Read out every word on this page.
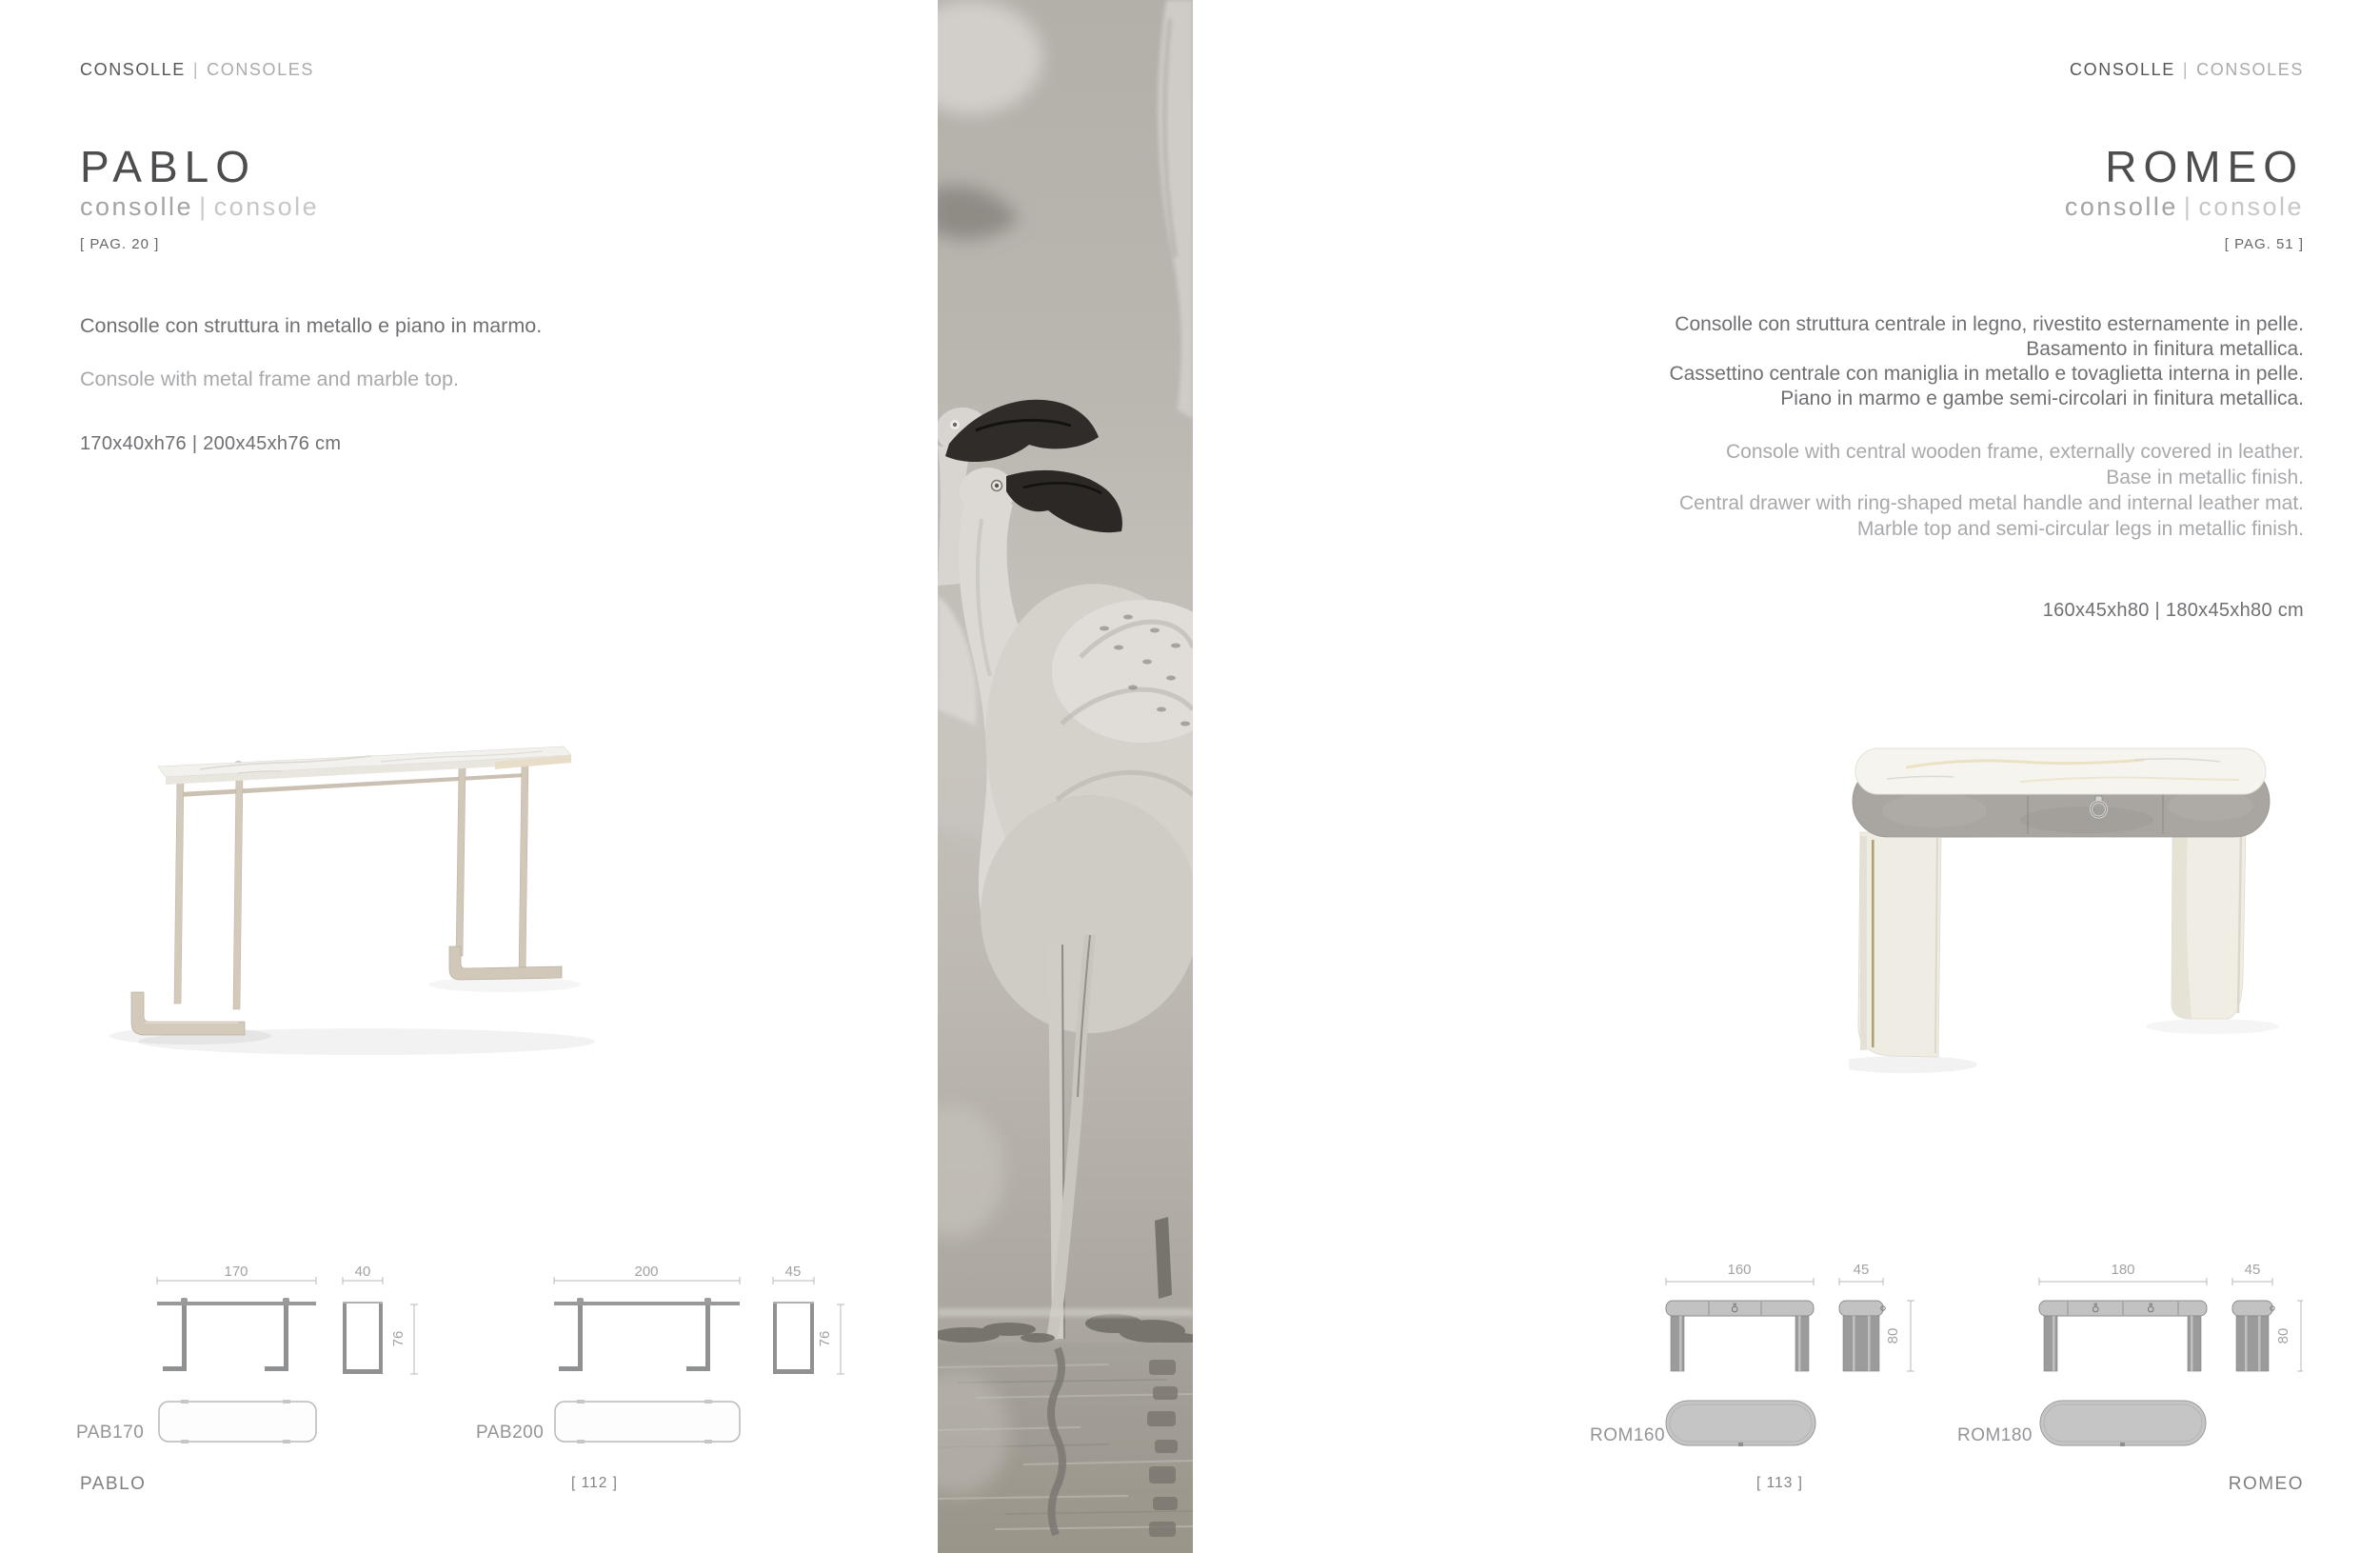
CONSOLLE | CONSOLES
PABLO
consolle | console
[ PAG. 20 ]
Consolle con struttura in metallo e piano in marmo.
Console with metal frame and marble top.
170x40xh76 | 200x45xh76 cm
170	40
76
PAB170
200	45
76
PAB200
PABLO	[ 112 ]
CONSOLLE | CONSOLES
ROMEO
consolle | console
[ PAG. 51 ]
Consolle con struttura centrale in legno, rivestito esternamente in pelle.
Basamento in finitura metallica.
Cassettino centrale con maniglia in metallo e tovaglietta interna in pelle.
Piano in marmo e gambe semi-circolari in finitura metallica.
Console with central wooden frame, externally covered in leather.
Base in metallic finish.
Central drawer with ring-shaped metal handle and internal leather mat.
Marble top and semi-circular legs in metallic finish.
160x45xh80 | 180x45xh80 cm
160	45
80
ROM160
180	45
80
ROM180
[ 113 ]	ROMEO
